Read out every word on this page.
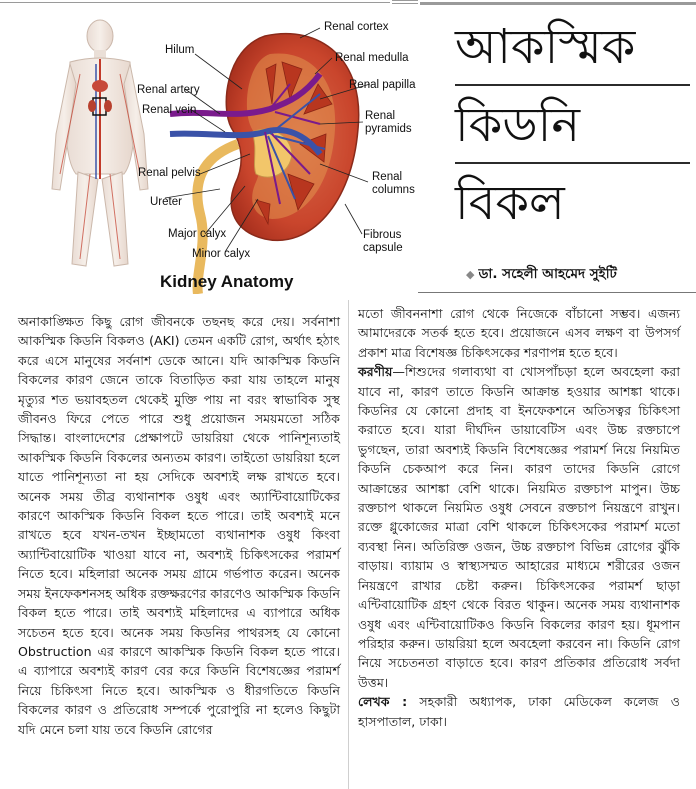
Renal cortex
Hilum
Renal medulla
Renal papilla
Renal artery
Renal vein	Renal
pyramids
Renal pelvis	Renal
columns
Ureter
Major calyx
Minor calyx
Fibrous
capsule
Kidney Anatomy
আকস্মিক
কিডনি
বিকল
◆ ডা. সহেলী আহমেদ সুইটি

অনাকাঙ্ক্ষিত কিছু রোগ জীবনকে তছনছ করে দেয়। সর্বনাশা আকস্মিক কিডনি বিকলও (AKI) তেমন একটি রোগ, অর্থাৎ হঠাৎ করে এসে মানুষের সর্বনাশ ডেকে আনে। যদি আকস্মিক কিডনি বিকলের কারণ জেনে তাকে বিতাড়িত করা যায় তাহলে মানুষ মৃত্যুর শত ভয়াবহতল থেকেই মুক্তি পায় না বরং স্বাভাবিক সুস্থ জীবনও ফিরে পেতে পারে শুধু প্রয়োজন সময়মতো সঠিক সিদ্ধান্ত। বাংলাদেশের প্রেক্ষাপটে ডায়রিয়া থেকে পানিশূন্যতাই আকস্মিক কিডনি বিকলের অন্যতম কারণ। তাইতো ডায়রিয়া হলে যাতে পানিশূন্যতা না হয় সেদিকে অবশ্যই লক্ষ রাখতে হবে। অনেক সময় তীব্র ব্যথানাশক ওষুধ এবং অ্যান্টিবায়োটিকের কারণে আকস্মিক কিডনি বিকল হতে পারে। তাই অবশ্যই মনে রাখতে হবে যখন-তখন ইচ্ছামতো ব্যথানাশক ওষুধ কিংবা অ্যান্টিবায়োটিক খাওয়া যাবে না, অবশ্যই চিকিৎসকের পরামর্শ নিতে হবে। মহিলারা অনেক সময় গ্রামে গর্ভপাত করেন। অনেক সময় ইনফেকশনসহ অধিক রক্তক্ষরণের কারণেও আকস্মিক কিডনি বিকল হতে পারে। তাই অবশ্যই মহিলাদের এ ব্যাপারে অধিক সচেতন হতে হবে। অনেক সময় কিডনির পাথরসহ যে কোনো Obstruction এর কারণে আকস্মিক কিডনি বিকল হতে পারে। এ ব্যাপারে অবশ্যই কারণ বের করে কিডনি বিশেষজ্ঞের পরামর্শ নিয়ে চিকিৎসা নিতে হবে। আকস্মিক ও ধীরগতিতে কিডনি বিকলের কারণ ও প্রতিরোধ সম্পর্কে পুরোপুরি না হলেও কিছুটা যদি মেনে চলা যায় তবে কিডনি রোগের

মতো জীবননাশা রোগ থেকে নিজেকে বাঁচানো সম্ভব। এজন্য আমাদেরকে সতর্ক হতে হবে। প্রয়োজনে এসব লক্ষণ বা উপসর্গ প্রকাশ মাত্র বিশেষজ্ঞ চিকিৎসকের শরণাপন্ন হতে হবে।

করণীয়—শিশুদের গলাব্যথা বা খোসপাঁচড়া হলে অবহেলা করা যাবে না, কারণ তাতে কিডনি আক্রান্ত হওয়ার আশঙ্কা থাকে। কিডনির যে কোনো প্রদাহ বা ইনফেকশনে অতিসত্বর চিকিৎসা করাতে হবে। যারা দীর্ঘদিন ডায়াবেটিস এবং উচ্চ রক্তচাপে ভুগছেন, তারা অবশ্যই কিডনি বিশেষজ্ঞের পরামর্শ নিয়ে নিয়মিত কিডনি চেকআপ করে নিন। কারণ তাদের কিডনি রোগে আক্রান্তের আশঙ্কা বেশি থাকে। নিয়মিত রক্তচাপ মাপুন। উচ্চ রক্তচাপ থাকলে নিয়মিত ওষুধ সেবনে রক্তচাপ নিয়ন্ত্রণে রাখুন। রক্তে গ্লুকোজের মাত্রা বেশি থাকলে চিকিৎসকের পরামর্শ মতো ব্যবস্থা নিন। অতিরিক্ত ওজন, উচ্চ রক্তচাপ বিভিন্ন রোগের ঝুঁকি বাড়ায়। ব্যায়াম ও স্বাস্থ্যসম্মত আহারের মাধ্যমে শরীরের ওজন নিয়ন্ত্রণে রাখার চেষ্টা করুন। চিকিৎসকের পরামর্শ ছাড়া এন্টিবায়োটিক গ্রহণ থেকে বিরত থাকুন। অনেক সময় ব্যথানাশক ওষুধ এবং এন্টিবায়োটিকও কিডনি বিকলের কারণ হয়। ধূমপান পরিহার করুন। ডায়রিয়া হলে অবহেলা করবেন না। কিডনি রোগ নিয়ে সচেতনতা বাড়াতে হবে। কারণ প্রতিকার প্রতিরোধ সর্বদা উত্তম।

লেখক : সহকারী অধ্যাপক, ঢাকা মেডিকেল কলেজ ও হাসপাতাল, ঢাকা।
